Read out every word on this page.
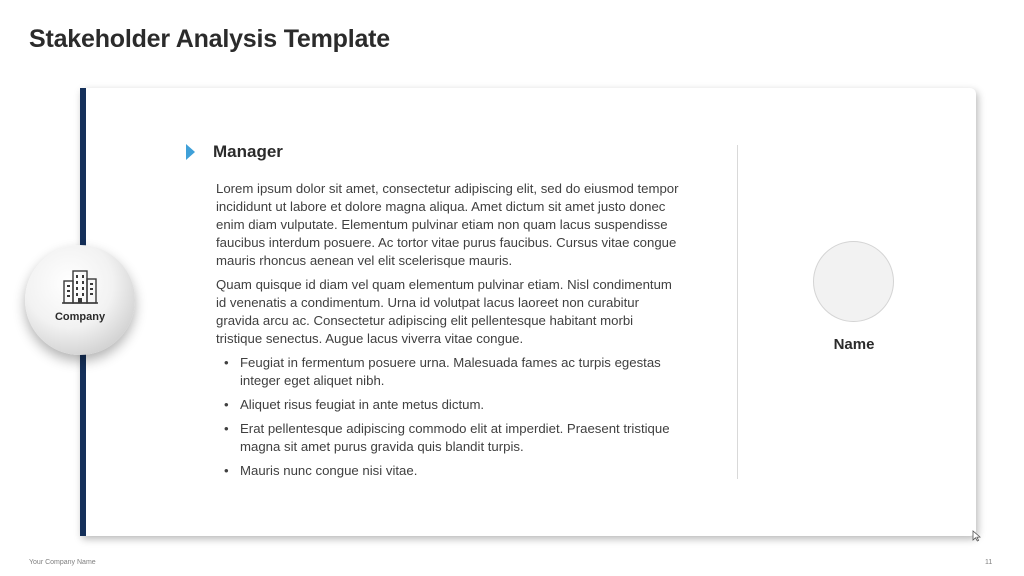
Stakeholder Analysis Template
Manager

Lorem ipsum dolor sit amet, consectetur adipiscing elit, sed do eiusmod tempor incididunt ut labore et dolore magna aliqua. Amet dictum sit amet justo donec enim diam vulputate. Elementum pulvinar etiam non quam lacus suspendisse faucibus interdum posuere. Ac tortor vitae purus faucibus. Cursus vitae congue mauris rhoncus aenean vel elit scelerisque mauris.

Quam quisque id diam vel quam elementum pulvinar etiam. Nisl condimentum id venenatis a condimentum. Urna id volutpat lacus laoreet non curabitur gravida arcu ac. Consectetur adipiscing elit pellentesque habitant morbi tristique senectus. Augue lacus viverra vitae congue.

• Feugiat in fermentum posuere urna. Malesuada fames ac turpis egestas integer eget aliquet nibh.
• Aliquet risus feugiat in ante metus dictum.
• Erat pellentesque adipiscing commodo elit at imperdiet. Praesent tristique magna sit amet purus gravida quis blandit turpis.
• Mauris nunc congue nisi vitae.
Name
Company
Your Company Name	11
